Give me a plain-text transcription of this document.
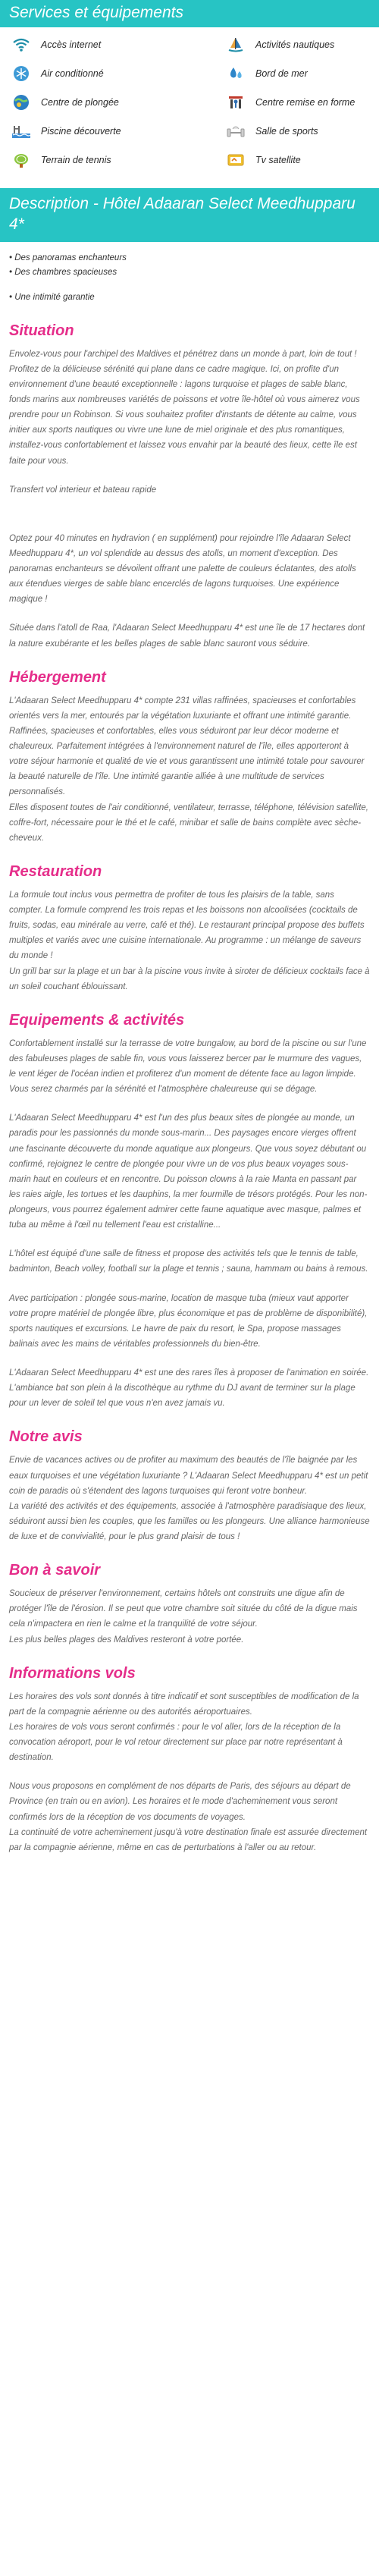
Services et équipements
Accès internet	Activités nautiques
Air conditionné	Bord de mer
Centre de plongée	Centre remise en forme
Piscine découverte	Salle de sports
Terrain de tennis	Tv satellite
Description - Hôtel Adaaran Select Meedhupparu 4*
• Des panoramas enchanteurs
• Des chambres spacieuses
• Une intimité garantie
Situation

Envolez-vous pour l'archipel des Maldives et pénétrez dans un monde à part, loin de tout ! Profitez de la délicieuse sérénité qui plane dans ce cadre magique. Ici, on profite d'un environnement d'une beauté exceptionnelle : lagons turquoise et plages de sable blanc, fonds marins aux nombreuses variétés de poissons et votre île-hôtel où vous aimerez vous prendre pour un Robinson. Si vous souhaitez profiter d'instants de détente au calme, vous initier aux sports nautiques ou vivre une lune de miel originale et des plus romantiques, installez-vous confortablement et laissez vous envahir par la beauté des lieux, cette île est faite pour vous.

Transfert vol interieur et bateau rapide

Optez pour 40 minutes en hydravion ( en supplément) pour rejoindre l'île Adaaran Select Meedhupparu 4*, un vol splendide au dessus des atolls, un moment d'exception. Des panoramas enchanteurs se dévoilent offrant une palette de couleurs éclatantes, des atolls aux étendues vierges de sable blanc encerclés de lagons turquoises. Une expérience magique !

Située dans l'atoll de Raa, l'Adaaran Select Meedhupparu 4* est une île de 17 hectares dont la nature exubérante et les belles plages de sable blanc sauront vous séduire.

Hébergement

L'Adaaran Select Meedhupparu 4* compte 231 villas raffinées, spacieuses et confortables orientés vers la mer, entourés par la végétation luxuriante et offrant une intimité garantie.
Raffinées, spacieuses et confortables, elles vous séduiront par leur décor moderne et chaleureux. Parfaitement intégrées à l'environnement naturel de l'île, elles apporteront à votre séjour harmonie et qualité de vie et vous garantissent une intimité totale pour savourer la beauté naturelle de l'île. Une intimité garantie alliée à une multitude de services personnalisés.
Elles disposent toutes de l'air conditionné, ventilateur, terrasse, téléphone, télévision satellite, coffre-fort, nécessaire pour le thé et le café, minibar et salle de bains complète avec sèche-cheveux.

Restauration

La formule tout inclus vous permettra de profiter de tous les plaisirs de la table, sans compter. La formule comprend les trois repas et les boissons non alcoolisées (cocktails de fruits, sodas, eau minérale au verre, café et thé). Le restaurant principal propose des buffets multiples et variés avec une cuisine internationale. Au programme : un mélange de saveurs du monde !
Un grill bar sur la plage et un bar à la piscine vous invite à siroter de délicieux cocktails face à un soleil couchant éblouissant.

Equipements & activités

Confortablement installé sur la terrasse de votre bungalow, au bord de la piscine ou sur l'une des fabuleuses plages de sable fin, vous vous laisserez bercer par le murmure des vagues, le vent léger de l'océan indien et profiterez d'un moment de détente face au lagon limpide. Vous serez charmés par la sérénité et l'atmosphère chaleureuse qui se dégage.

L'Adaaran Select Meedhupparu 4* est l'un des plus beaux sites de plongée au monde, un paradis pour les passionnés du monde sous-marin... Des paysages encore vierges offrent une fascinante découverte du monde aquatique aux plongeurs. Que vous soyez débutant ou confirmé, rejoignez le centre de plongée pour vivre un de vos plus beaux voyages sous-marin haut en couleurs et en rencontre. Du poisson clowns à la raie Manta en passant par les raies aigle, les tortues et les dauphins, la mer fourmille de trésors protégés. Pour les non-plongeurs, vous pourrez également admirer cette faune aquatique avec masque, palmes et tuba au même à l'œil nu tellement l'eau est cristalline...

L'hôtel est équipé d'une salle de fitness et propose des activités tels que le tennis de table, badminton, Beach volley, football sur la plage et tennis ; sauna, hammam ou bains à remous.

Avec participation : plongée sous-marine, location de masque tuba (mieux vaut apporter votre propre matériel de plongée libre, plus économique et pas de problème de disponibilité), sports nautiques et excursions. Le havre de paix du resort, le Spa, propose massages balinais avec les mains de véritables professionnels du bien-être.

L'Adaaran Select Meedhupparu 4* est une des rares îles à proposer de l'animation en soirée. L'ambiance bat son plein à la discothèque au rythme du DJ avant de terminer sur la plage pour un lever de soleil tel que vous n'en avez jamais vu.

Notre avis

Envie de vacances actives ou de profiter au maximum des beautés de l'île baignée par les eaux turquoises et une végétation luxuriante ? L'Adaaran Select Meedhupparu 4* est un petit coin de paradis où s'étendent des lagons turquoises qui feront votre bonheur.
La variété des activités et des équipements, associée à l'atmosphère paradisiaque des lieux, séduiront aussi bien les couples, que les familles ou les plongeurs. Une alliance harmonieuse de luxe et de convivialité, pour le plus grand plaisir de tous !

Bon à savoir

Soucieux de préserver l'environnement, certains hôtels ont construits une digue afin de protéger l'île de l'érosion. Il se peut que votre chambre soit située du côté de la digue mais cela n'impactera en rien le calme et la tranquilité de votre séjour.
Les plus belles plages des Maldives resteront à votre portée.

Informations vols

Les horaires des vols sont donnés à titre indicatif et sont susceptibles de modification de la part de la compagnie aérienne ou des autorités aéroportuaires.
Les horaires de vols vous seront confirmés : pour le vol aller, lors de la réception de la convocation aéroport, pour le vol retour directement sur place par notre représentant à destination.

Nous vous proposons en complément de nos départs de Paris, des séjours au départ de Province (en train ou en avion). Les horaires et le mode d'acheminement vous seront confirmés lors de la réception de vos documents de voyages.
La continuité de votre acheminement jusqu'à votre destination finale est assurée directement par la compagnie aérienne, même en cas de perturbations à l'aller ou au retour.
